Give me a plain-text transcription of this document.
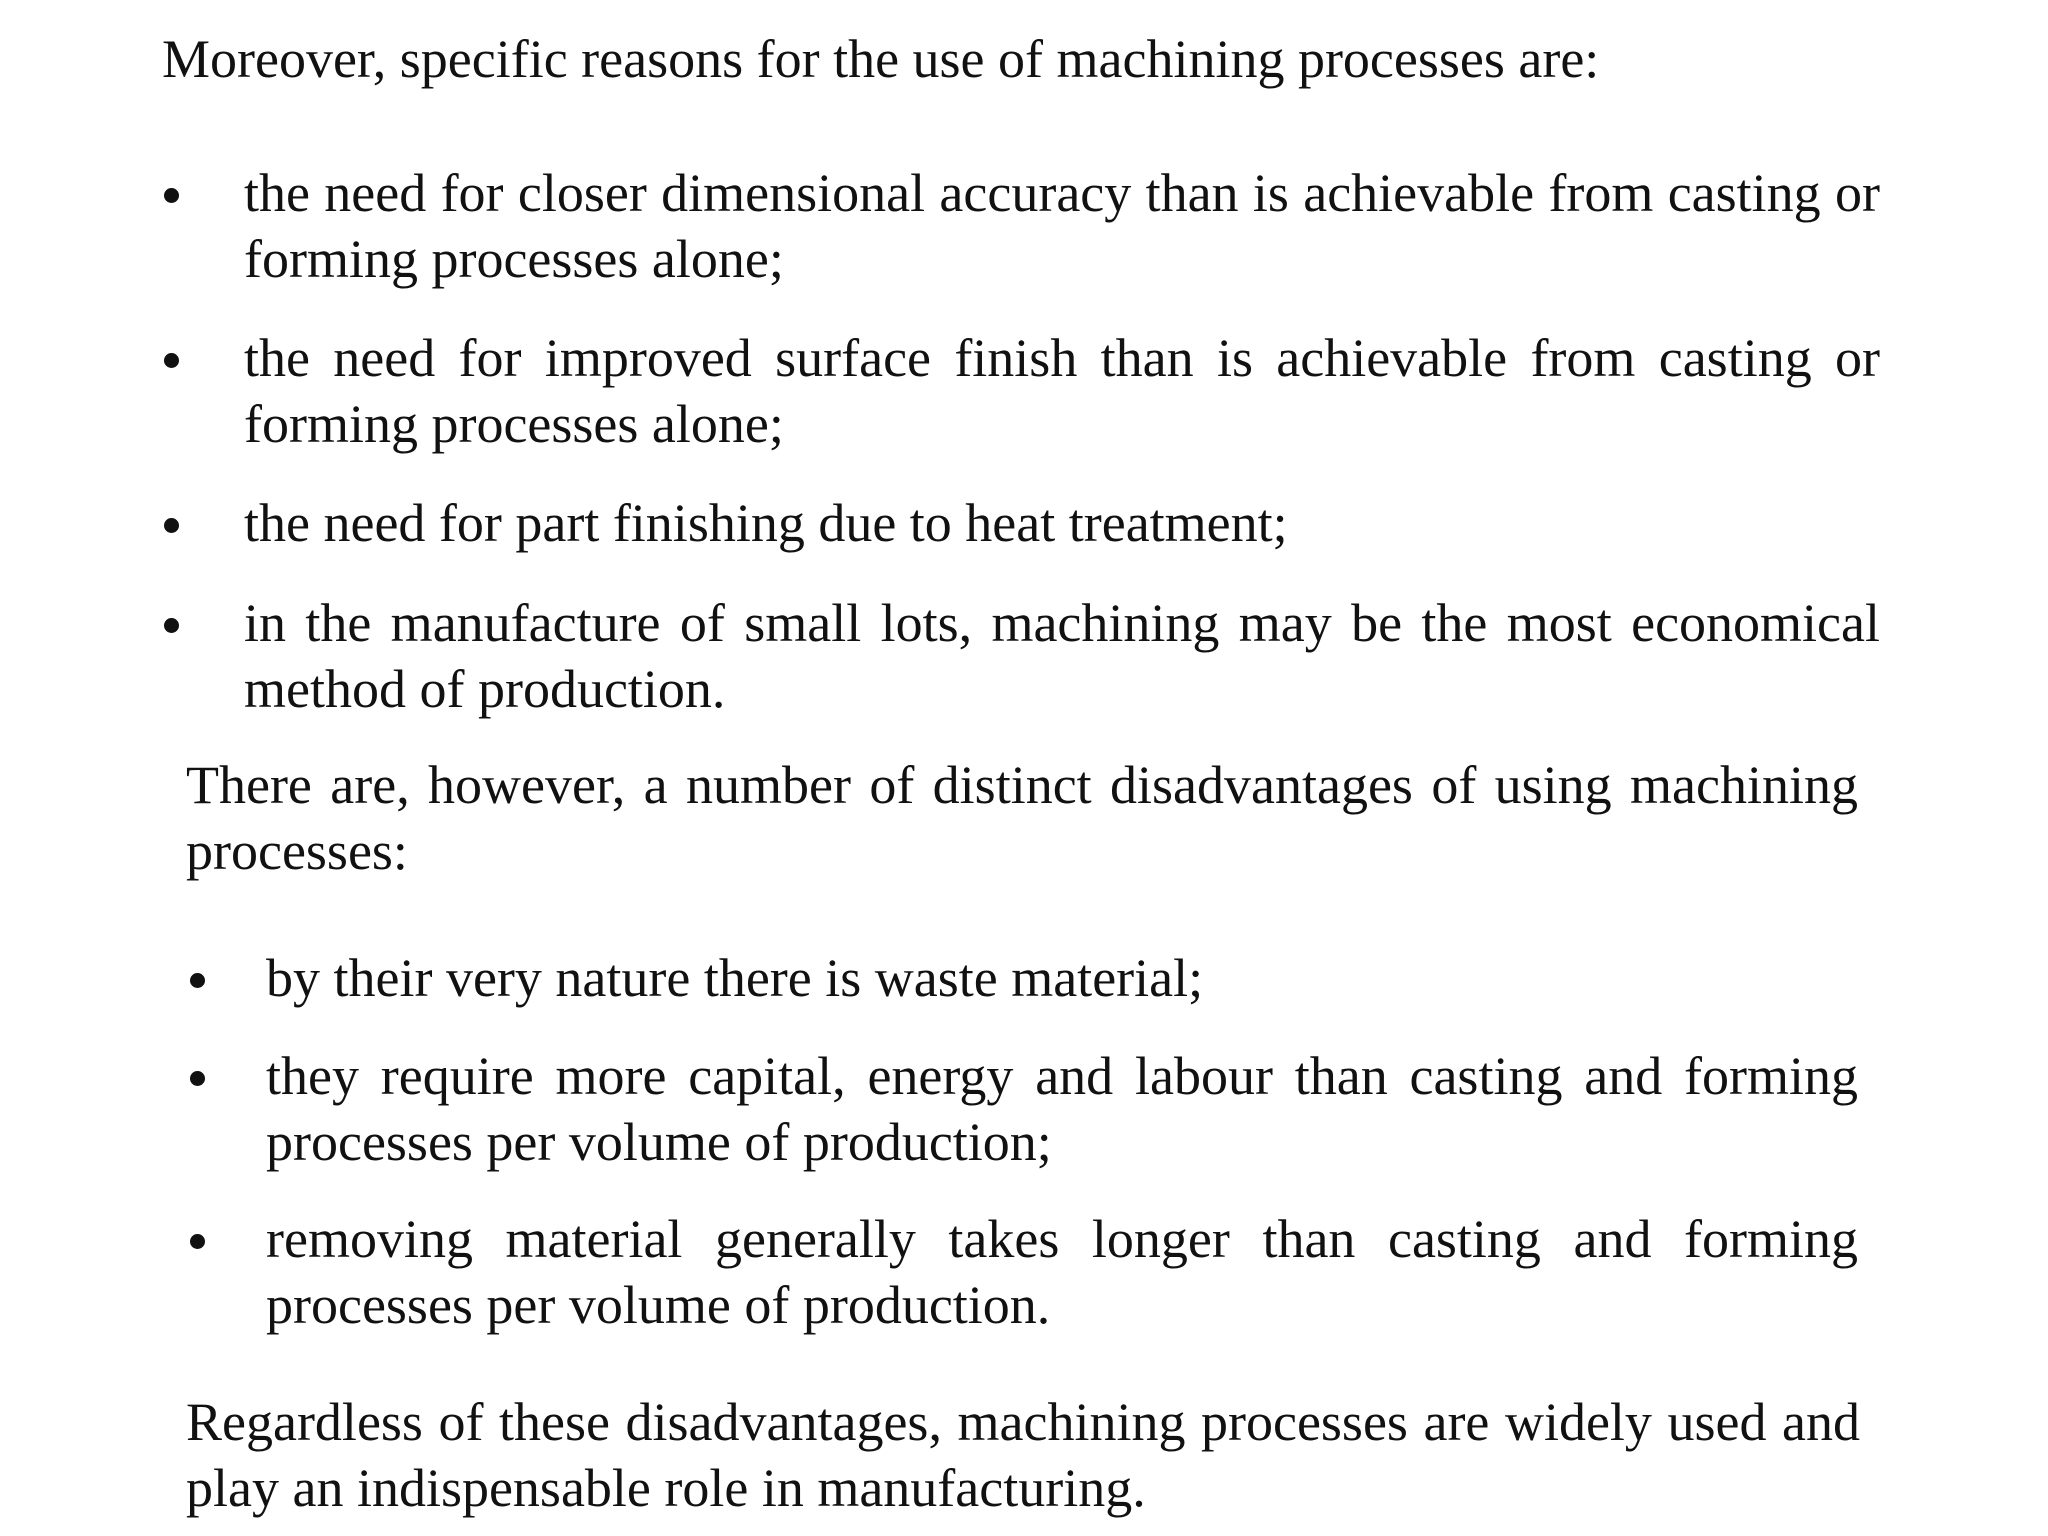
Moreover, specific reasons for the use of machining processes are:

the need for closer dimensional accuracy than is achievable from casting or forming processes alone;
the need for improved surface finish than is achievable from casting or forming processes alone;
the need for part finishing due to heat treatment;
in the manufacture of small lots, machining may be the most economical method of production.

There are, however, a number of distinct disadvantages of using machining processes:

by their very nature there is waste material;
they require more capital, energy and labour than casting and forming processes per volume of production;
removing material generally takes longer than casting and forming processes per volume of production.

Regardless of these disadvantages, machining processes are widely used and play an indispensable role in manufacturing.
